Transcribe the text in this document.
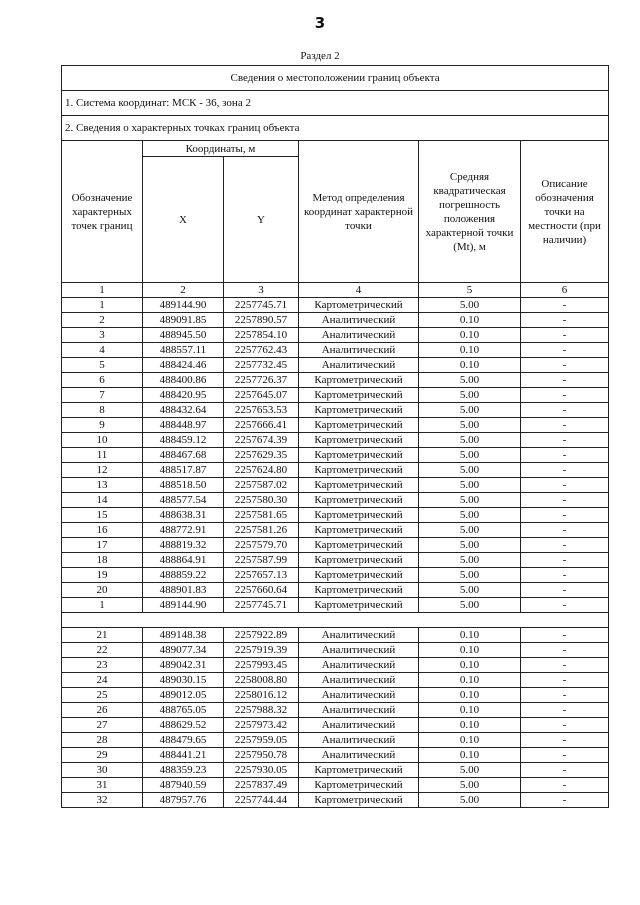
3
Раздел 2
Сведения о местоположении границ объекта					
1. Система координат: МСК - 36, зона 2					
2. Сведения о характерных точках границ объекта					
Обозначение характерных точек границ	Координаты, м		Метод определения координат характерной точки	Средняя квадратическая погрешность положения характерной точки (Mt), м	Описание обозначения точки на местности (при наличии)
	X	Y			
1	2	3	4	5	6
1	489144.90	2257745.71	Картометрический	5.00	-
2	489091.85	2257890.57	Аналитический	0.10	-
3	488945.50	2257854.10	Аналитический	0.10	-
4	488557.11	2257762.43	Аналитический	0.10	-
5	488424.46	2257732.45	Аналитический	0.10	-
6	488400.86	2257726.37	Картометрический	5.00	-
7	488420.95	2257645.07	Картометрический	5.00	-
8	488432.64	2257653.53	Картометрический	5.00	-
9	488448.97	2257666.41	Картометрический	5.00	-
10	488459.12	2257674.39	Картометрический	5.00	-
11	488467.68	2257629.35	Картометрический	5.00	-
12	488517.87	2257624.80	Картометрический	5.00	-
13	488518.50	2257587.02	Картометрический	5.00	-
14	488577.54	2257580.30	Картометрический	5.00	-
15	488638.31	2257581.65	Картометрический	5.00	-
16	488772.91	2257581.26	Картометрический	5.00	-
17	488819.32	2257579.70	Картометрический	5.00	-
18	488864.91	2257587.99	Картометрический	5.00	-
19	488859.22	2257657.13	Картометрический	5.00	-
20	488901.83	2257660.64	Картометрический	5.00	-
1	489144.90	2257745.71	Картометрический	5.00	-

21	489148.38	2257922.89	Аналитический	0.10	-
22	489077.34	2257919.39	Аналитический	0.10	-
23	489042.31	2257993.45	Аналитический	0.10	-
24	489030.15	2258008.80	Аналитический	0.10	-
25	489012.05	2258016.12	Аналитический	0.10	-
26	488765.05	2257988.32	Аналитический	0.10	-
27	488629.52	2257973.42	Аналитический	0.10	-
28	488479.65	2257959.05	Аналитический	0.10	-
29	488441.21	2257950.78	Аналитический	0.10	-
30	488359.23	2257930.05	Картометрический	5.00	-
31	487940.59	2257837.49	Картометрический	5.00	-
32	487957.76	2257744.44	Картометрический	5.00	-
